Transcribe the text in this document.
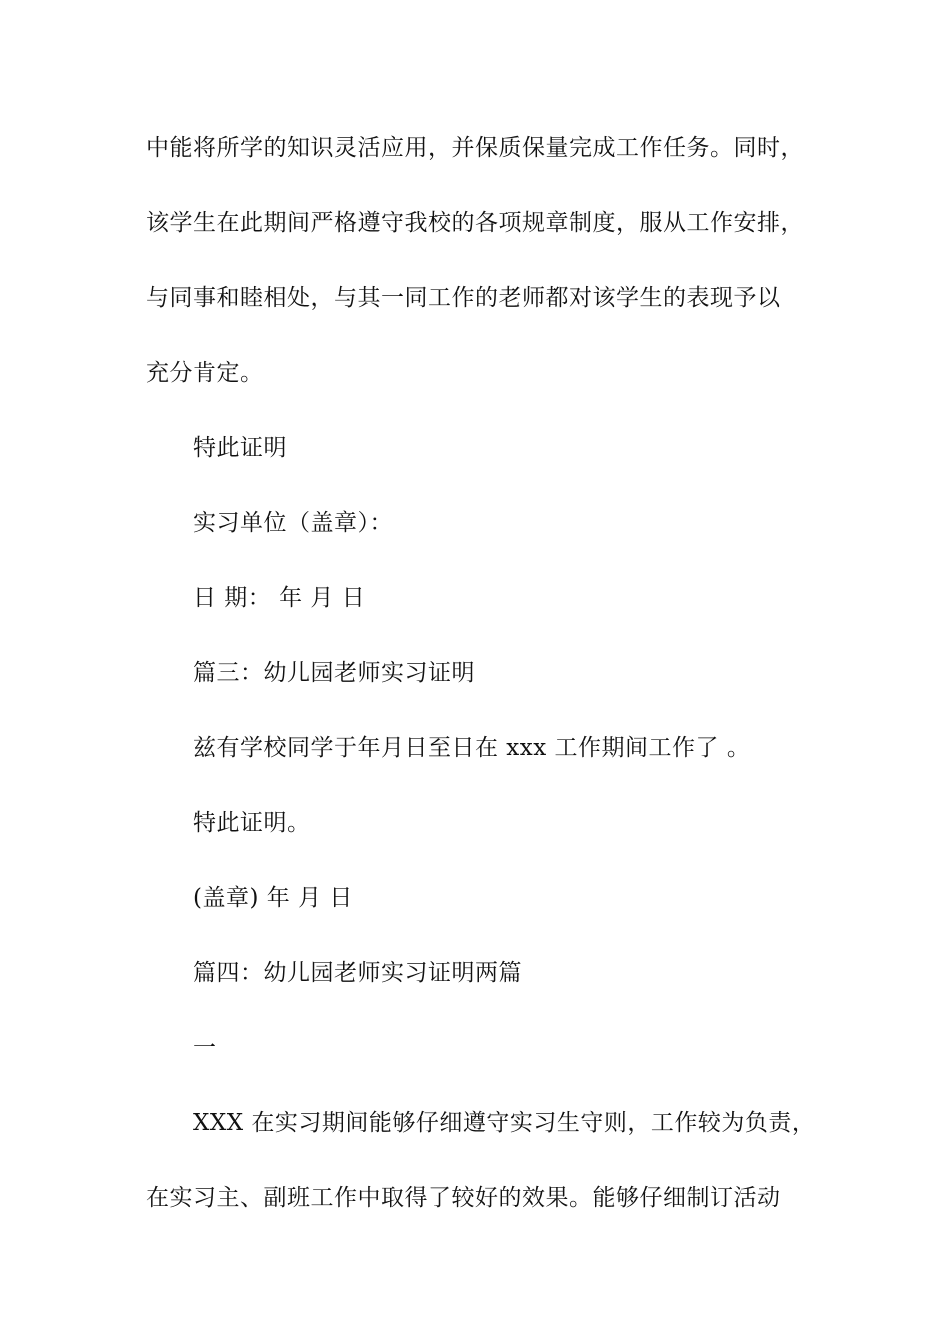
中能将所学的知识灵活应用，并保质保量完成工作任务。同时，
该学生在此期间严格遵守我校的各项规章制度，服从工作安排，
与同事和睦相处，与其一同工作的老师都对该学生的表现予以
充分肯定。
特此证明
实习单位（盖章）：
日 期： 年 月 日
篇三：幼儿园老师实习证明
兹有学校同学于年月日至日在 xxx 工作期间工作了 。
特此证明。
(盖章) 年 月 日
篇四：幼儿园老师实习证明两篇
一
XXX 在实习期间能够仔细遵守实习生守则，工作较为负责，
在实习主、副班工作中取得了较好的效果。能够仔细制订活动
